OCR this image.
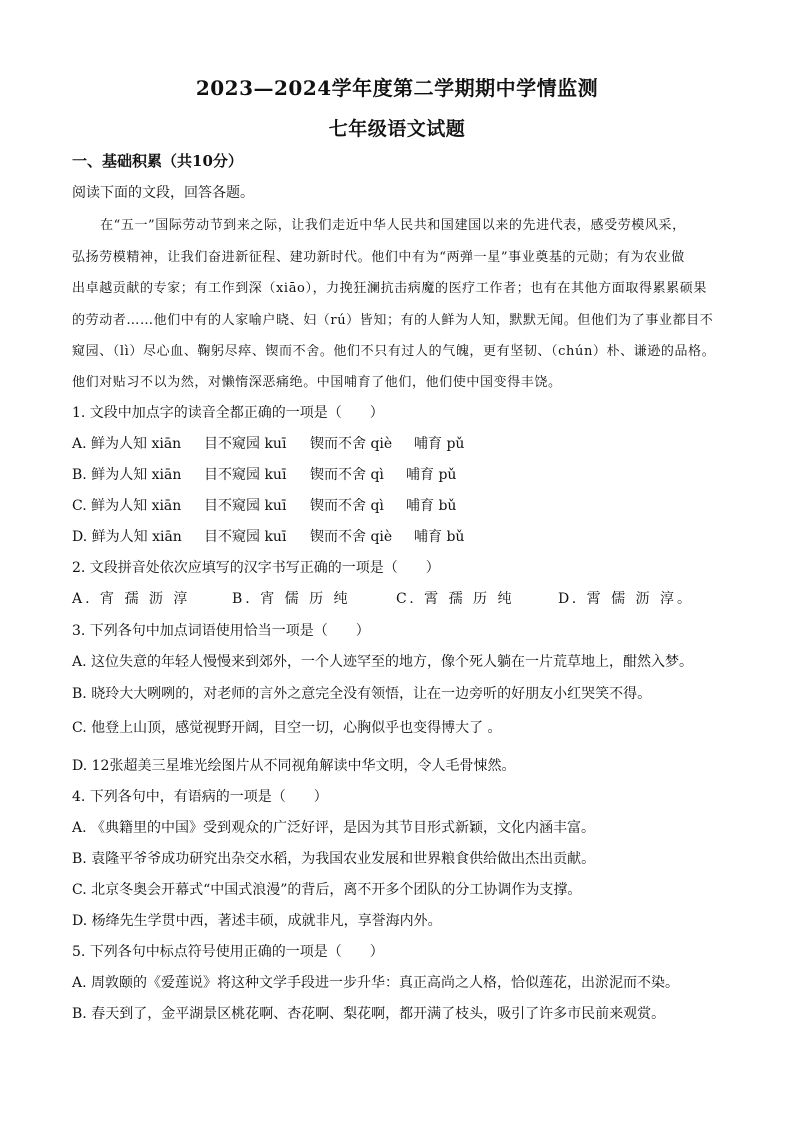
2023—2024学年度第二学期期中学情监测
七年级语文试题
一、基础积累（共10分）
阅读下面的文段，回答各题。
在“五一”国际劳动节到来之际，让我们走近中华人民共和国建国以来的先进代表，感受劳模风采，
弘扬劳模精神，让我们奋进新征程、建功新时代。他们中有为“两弹一星”事业奠基的元勋；有为农业做
出卓越贡献的专家；有工作到深（xiāo），力挽狂澜抗击病魔的医疗工作者；也有在其他方面取得累累硕果
的劳动者……他们中有的人家喻户晓、妇（rú）皆知；有的人鲜为人知，默默无闻。但他们为了事业都目不
窥园、（lì）尽心血、鞠躬尽瘁、锲而不舍。他们不只有过人的气魄，更有坚韧、（chún）朴、谦逊的品格。
他们对贴习不以为然，对懒惰深恶痛绝。中国哺育了他们，他们使中国变得丰饶。
1. 文段中加点字的读音全都正确的一项是（　　）
A. 鲜为人知 xiān 目不窥园 kuī 锲而不舍 qiè 哺育 pǔ
B. 鲜为人知 xiān 目不窥园 kuī 锲而不舍 qì 哺育 pǔ
C. 鲜为人知 xiān 目不窥园 kuī 锲而不舍 qì 哺育 bǔ
D. 鲜为人知 xiān 目不窥园 kuī 锲而不舍 qiè 哺育 bǔ
2. 文段拼音处依次应填写的汉字书写正确的一项是（　　）
A. 宵 孺 沥 淳	B. 宵 儒 历 纯	C. 霄 孺 历 纯	D. 霄 儒 沥 淳。
3. 下列各句中加点词语使用恰当一项是（　　）
A. 这位失意的年轻人慢慢来到郊外，一个人迹罕至的地方，像个死人躺在一片荒草地上，酣然入梦。
B. 晓玲大大咧咧的，对老师的言外之意完全没有领悟，让在一边旁听的好朋友小红哭笑不得。
C. 他登上山顶，感觉视野开阔，目空一切，心胸似乎也变得博大了 。
D. 12张超美三星堆光绘图片从不同视角解读中华文明，令人毛骨悚然。
4. 下列各句中，有语病的一项是（　　）
A. 《典籍里的中国》受到观众的广泛好评，是因为其节目形式新颖，文化内涵丰富。
B. 袁隆平爷爷成功研究出杂交水稻，为我国农业发展和世界粮食供给做出杰出贡献。
C. 北京冬奥会开幕式“中国式浪漫”的背后，离不开多个团队的分工协调作为支撑。
D. 杨绛先生学贯中西，著述丰硕，成就非凡，享誉海内外。
5. 下列各句中标点符号使用正确的一项是（　　）
A. 周敦颐的《爱莲说》将这种文学手段进一步升华：真正高尚之人格，恰似莲花，出淤泥而不染。
B. 春天到了，金平湖景区桃花啊、杏花啊、梨花啊，都开满了枝头，吸引了许多市民前来观赏。
